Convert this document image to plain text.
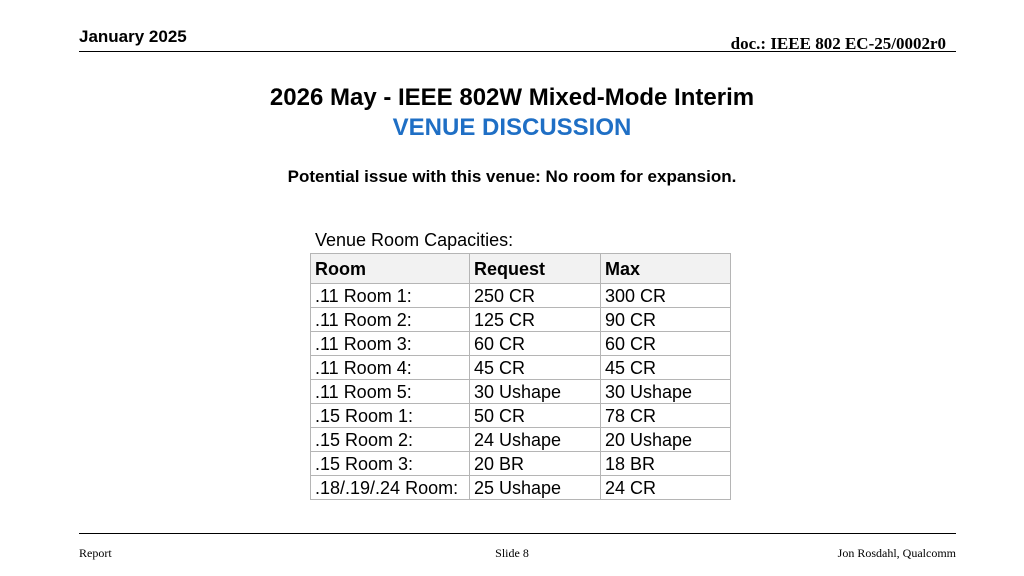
January 2025	doc.: IEEE 802 EC-25/0002r0
2026 May - IEEE 802W Mixed-Mode Interim
VENUE DISCUSSION
Potential issue with this venue: No room for expansion.
Venue Room Capacities:
Room	Request	Max
.11 Room 1:	250 CR	300 CR
.11 Room 2:	125 CR	90 CR
.11 Room 3:	60 CR	60 CR
.11 Room 4:	45 CR	45 CR
.11 Room 5:	30 Ushape	30 Ushape
.15 Room 1:	50 CR	78 CR
.15 Room 2:	24 Ushape	20 Ushape
.15 Room 3:	20 BR	18 BR
.18/.19/.24 Room:	25 Ushape	24 CR
Report	Slide 8	Jon Rosdahl, Qualcomm
